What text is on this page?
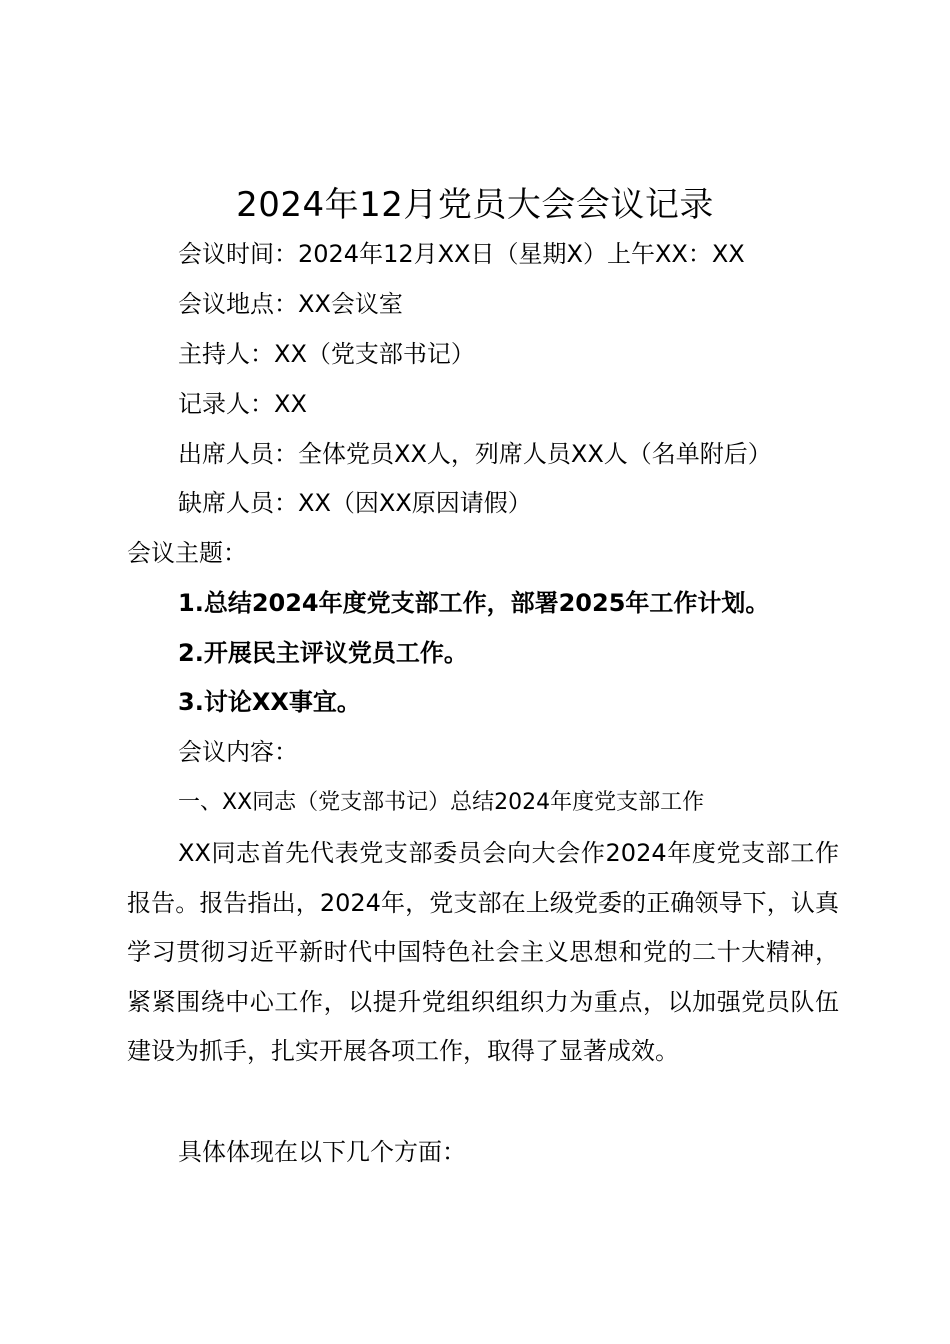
2024年12月党员大会会议记录
会议时间：2024年12月XX日（星期X）上午XX：XX
会议地点：XX会议室
主持人：XX（党支部书记）
记录人：XX
出席人员：全体党员XX人，列席人员XX人（名单附后）
缺席人员：XX（因XX原因请假）
会议主题：
1.总结2024年度党支部工作，部署2025年工作计划。
2.开展民主评议党员工作。
3.讨论XX事宜。
会议内容：
一、XX同志（党支部书记）总结2024年度党支部工作
XX同志首先代表党支部委员会向大会作2024年度党支部工作报告。报告指出，2024年，党支部在上级党委的正确领导下，认真学习贯彻习近平新时代中国特色社会主义思想和党的二十大精神，紧紧围绕中心工作，以提升党组织组织力为重点，以加强党员队伍建设为抓手，扎实开展各项工作，取得了显著成效。
具体体现在以下几个方面：
